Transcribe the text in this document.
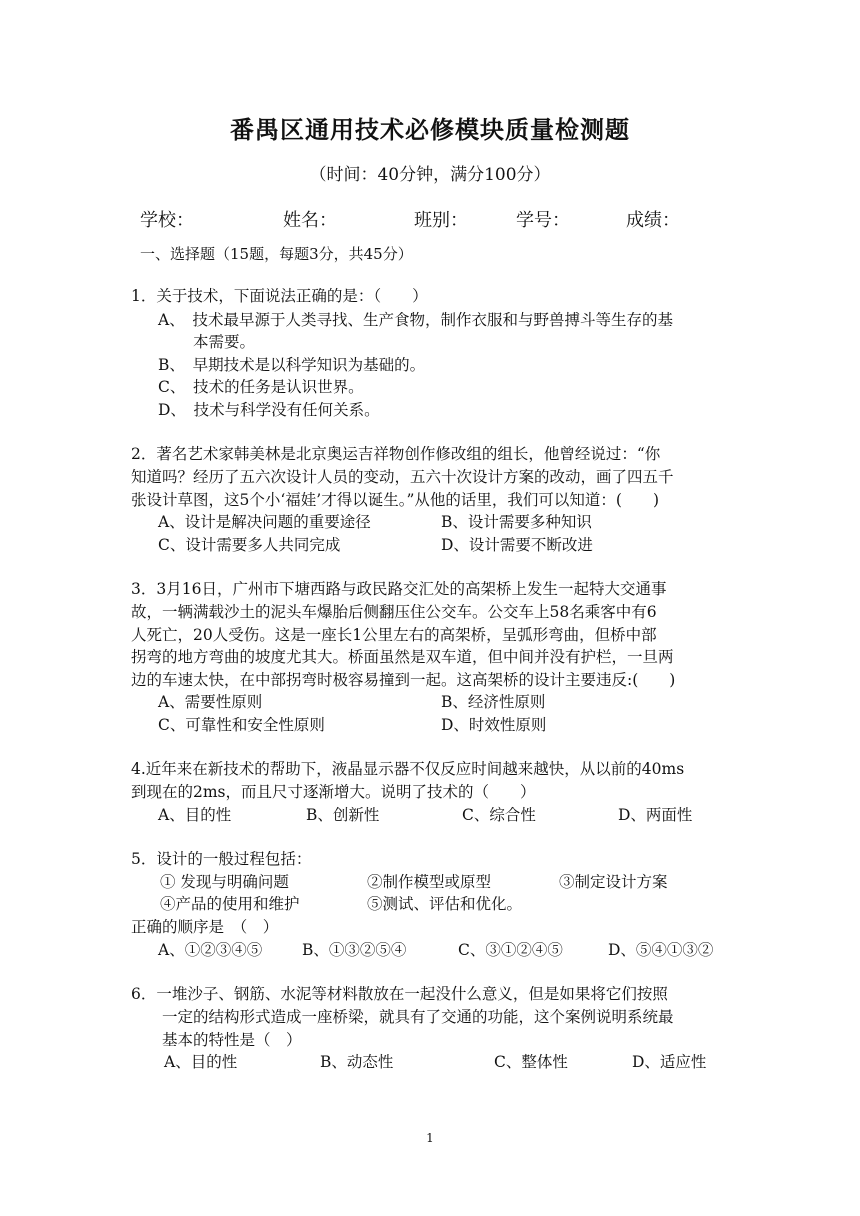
番禺区通用技术必修模块质量检测题
（时间：40分钟，满分100分）
学校：	姓名：	班别：	学号：	成绩：
一、选择题（15题，每题3分，共45分）
1．关于技术，下面说法正确的是：（　　）
A、　技术最早源于人类寻找、生产食物，制作衣服和与野兽搏斗等生存的基
本需要。
B、　早期技术是以科学知识为基础的。
C、　技术的任务是认识世界。
D、　技术与科学没有任何关系。
2．著名艺术家韩美林是北京奥运吉祥物创作修改组的组长，他曾经说过：“你
知道吗？经历了五六次设计人员的变动，五六十次设计方案的改动，画了四五千
张设计草图，这5个小‘福娃’才得以诞生。”从他的话里，我们可以知道：(　　)
A、设计是解决问题的重要途径	B、设计需要多种知识
C、设计需要多人共同完成	D、设计需要不断改进
3．3月16日，广州市下塘西路与政民路交汇处的高架桥上发生一起特大交通事
故，一辆满载沙土的泥头车爆胎后侧翻压住公交车。公交车上58名乘客中有6
人死亡，20人受伤。这是一座长1公里左右的高架桥，呈弧形弯曲，但桥中部
拐弯的地方弯曲的坡度尤其大。桥面虽然是双车道，但中间并没有护栏，一旦两
边的车速太快，在中部拐弯时极容易撞到一起。这高架桥的设计主要违反:(　　)
A、需要性原则	B、经济性原则
C、可靠性和安全性原则	D、时效性原则
4.近年来在新技术的帮助下，液晶显示器不仅反应时间越来越快，从以前的40ms
到现在的2ms，而且尺寸逐渐增大。说明了技术的（　　）
A、目的性	B、创新性	C、综合性	D、两面性
5．设计的一般过程包括：
① 发现与明确问题	②制作模型或原型	③制定设计方案
④产品的使用和维护	⑤测试、评估和优化。
正确的顺序是　（　）
A、①②③④⑤	B、①③②⑤④	C、③①②④⑤	D、⑤④①③②
6．一堆沙子、钢筋、水泥等材料散放在一起没什么意义，但是如果将它们按照
一定的结构形式造成一座桥梁，就具有了交通的功能，这个案例说明系统最
基本的特性是（　）
A、目的性	B、动态性	C、整体性	D、适应性
1
